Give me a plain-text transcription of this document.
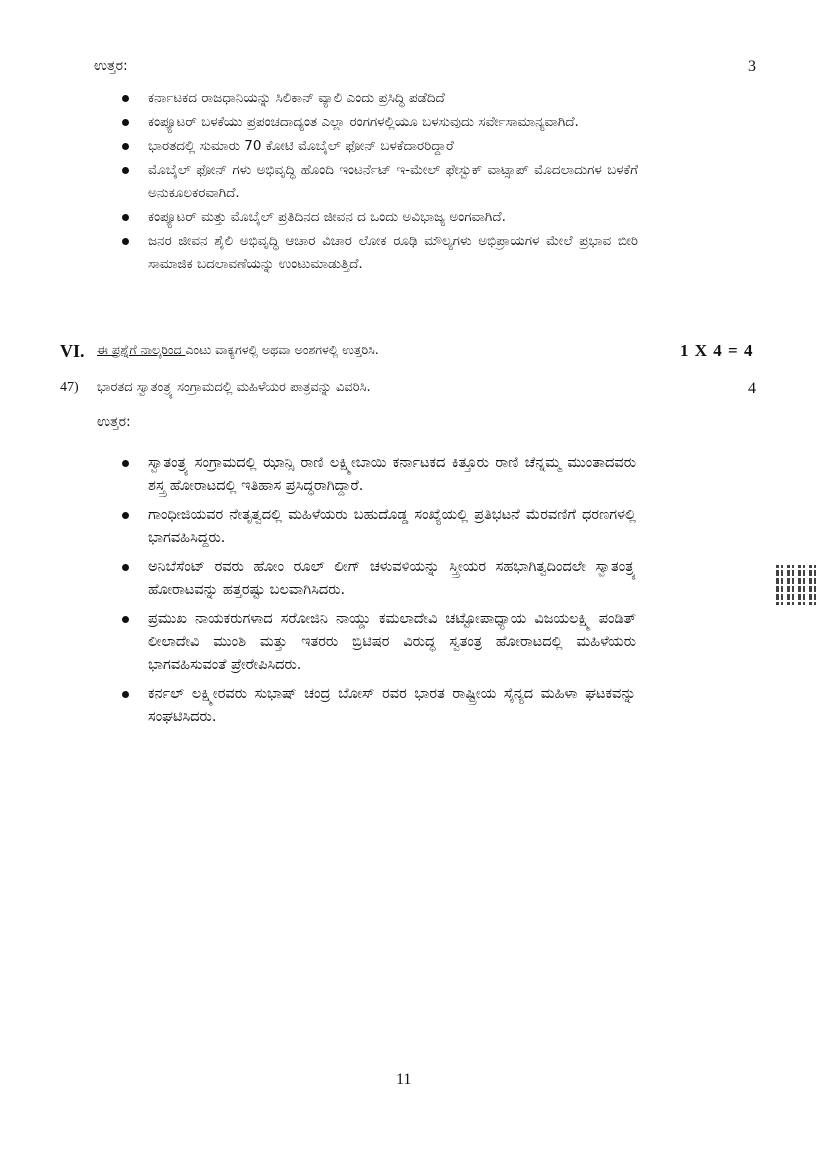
ಉತ್ತರ:	3
ಕರ್ನಾಟಕದ ರಾಜಧಾನಿಯನ್ನು ಸಿಲಿಕಾನ್ ವ್ಯಾಲಿ ಎಂದು ಪ್ರಸಿದ್ಧಿ ಪಡೆದಿದೆ
ಕಂಪ್ಯೂಟರ್ ಬಳಕೆಯು ಪ್ರಪಂಚದಾದ್ಯಂತ ಎಲ್ಲಾ ರಂಗಗಳಲ್ಲಿಯೂ ಬಳಸುವುದು ಸರ್ವೇಸಾಮಾನ್ಯವಾಗಿದೆ.
ಭಾರತದಲ್ಲಿ ಸುಮಾರು 70 ಕೋಟಿ ಮೊಬೈಲ್ ಫೋನ್ ಬಳಕೆದಾರರಿದ್ದಾರೆ
ಮೊಬೈಲ್ ಫೋನ್ ಗಳು ಅಭಿವೃದ್ಧಿ ಹೊಂದಿ ಇಂಟರ್ನೆಟ್ ಇ-ಮೇಲ್ ಫೇಸ್ಬುಕ್ ವಾಟ್ಸಾಪ್ ಮೊದಲಾದುಗಳ ಬಳಕೆಗೆ ಅನುಕೂಲಕರವಾಗಿದೆ.
ಕಂಪ್ಯೂಟರ್ ಮತ್ತು ಮೊಬೈಲ್ ಪ್ರತಿದಿನದ ಜೀವನ ದ ಒಂದು ಅವಿಭಾಜ್ಯ ಅಂಗವಾಗಿದೆ.
ಜನರ ಜೀವನ ಶೈಲಿ ಅಭಿವೃದ್ಧಿ ಆಚಾರ ವಿಚಾರ ಲೋಕ ರೂಢಿ ಮೌಲ್ಯಗಳು ಅಭಿಪ್ರಾಯಗಳ ಮೇಲೆ ಪ್ರಭಾವ ಬೀರಿ ಸಾಮಾಜಿಕ ಬದಲಾವಣೆಯನ್ನು ಉಂಟುಮಾಡುತ್ತಿದೆ.
VI. ಈ ಪ್ರಶ್ನೆಗೆ ನಾಲ್ಕರಿಂದ ಎಂಟು ವಾಕ್ಯಗಳಲ್ಲಿ ಅಥವಾ ಅಂಶಗಳಲ್ಲಿ ಉತ್ತರಿಸಿ.	1 X 4 = 4
47) ಭಾರತದ ಸ್ವಾತಂತ್ರ್ಯ ಸಂಗ್ರಾಮದಲ್ಲಿ ಮಹಿಳೆಯರ ಪಾತ್ರವನ್ನು ವಿವರಿಸಿ.	4
ಉತ್ತರ:
ಸ್ವಾತಂತ್ರ್ಯ ಸಂಗ್ರಾಮದಲ್ಲಿ ಝಾನ್ಸಿ ರಾಣಿ ಲಕ್ಷ್ಮೀಬಾಯಿ ಕರ್ನಾಟಕದ ಕಿತ್ತೂರು ರಾಣಿ ಚೆನ್ನಮ್ಮ ಮುಂತಾದವರು ಶಸ್ತ್ರ ಹೋರಾಟದಲ್ಲಿ ಇತಿಹಾಸ ಪ್ರಸಿದ್ಧರಾಗಿದ್ದಾರೆ.
ಗಾಂಧೀಜಿಯವರ ನೇತೃತ್ವದಲ್ಲಿ ಮಹಿಳೆಯರು ಬಹುದೊಡ್ಡ ಸಂಖ್ಯೆಯಲ್ಲಿ ಪ್ರತಿಭಟನೆ ಮೆರವಣಿಗೆ ಧರಣಗಳಲ್ಲಿ ಭಾಗವಹಿಸಿದ್ದರು.
ಅನಿಬೆಸೆಂಟ್ ರವರು ಹೋಂ ರೂಲ್ ಲೀಗ್ ಚಳುವಳಿಯನ್ನು ಸ್ತ್ರೀಯರ ಸಹಭಾಗಿತ್ವದಿಂದಲೇ ಸ್ವಾತಂತ್ರ್ಯ ಹೋರಾಟವನ್ನು ಹತ್ತರಷ್ಟು ಬಲವಾಗಿಸಿದರು.
ಪ್ರಮುಖ ನಾಯಕರುಗಳಾದ ಸರೋಜಿನಿ ನಾಯ್ಡು ಕಮಲಾದೇವಿ ಚಟ್ಟೋಪಾಧ್ಯಾಯ ವಿಜಯಲಕ್ಷ್ಮಿ ಪಂಡಿತ್ ಲೀಲಾದೇವಿ ಮುಂಶಿ ಮತ್ತು ಇತರರು ಬ್ರಿಟಿಷರ ವಿರುದ್ಧ ಸ್ವತಂತ್ರ ಹೋರಾಟದಲ್ಲಿ ಮಹಿಳೆಯರು ಭಾಗವಹಿಸುವಂತೆ ಪ್ರೇರೇಪಿಸಿದರು.
ಕರ್ನಲ್ ಲಕ್ಷ್ಮೀರವರು ಸುಭಾಷ್ ಚಂದ್ರ ಬೋಸ್ ರವರ ಭಾರತ ರಾಷ್ಟ್ರೀಯ ಸೈನ್ಯದ ಮಹಿಳಾ ಘಟಕವನ್ನು ಸಂಘಟಿಸಿದರು.
11
